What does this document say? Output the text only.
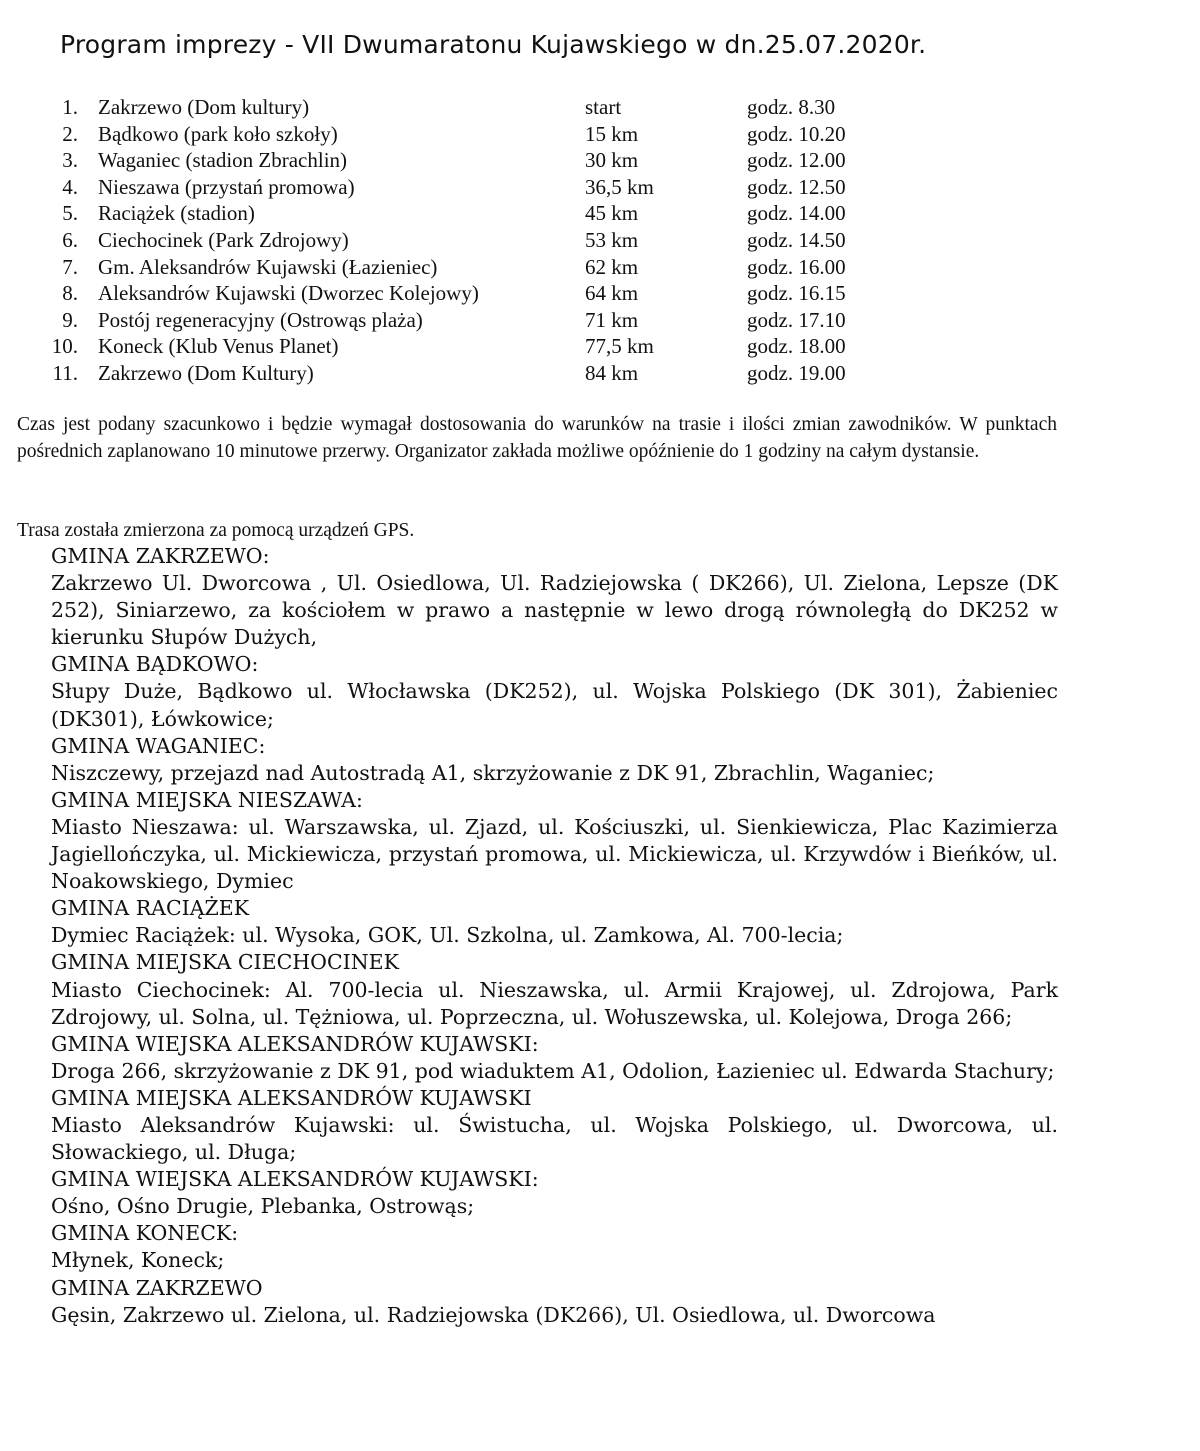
Program imprezy - VII Dwumaratonu Kujawskiego w dn.25.07.2020r.
1. Zakrzewo (Dom kultury)	start	godz. 8.30
2. Bądkowo (park koło szkoły)	15 km	godz. 10.20
3. Waganiec (stadion Zbrachlin)	30 km	godz. 12.00
4. Nieszawa (przystań promowa)	36,5 km	godz. 12.50
5. Raciążek (stadion)	45 km	godz. 14.00
6. Ciechocinek (Park Zdrojowy)	53 km	godz. 14.50
7. Gm. Aleksandrów Kujawski (Łazieniec)	62 km	godz. 16.00
8. Aleksandrów Kujawski (Dworzec Kolejowy)	64 km	godz. 16.15
9. Postój regeneracyjny (Ostrowąs plaża)	71 km	godz. 17.10
10. Koneck (Klub Venus Planet)	77,5 km	godz. 18.00
11. Zakrzewo (Dom Kultury)	84 km	godz. 19.00
Czas jest podany szacunkowo i będzie wymagał dostosowania do warunków na trasie i ilości zmian zawodników. W punktach pośrednich zaplanowano 10 minutowe przerwy. Organizator zakłada możliwe opóźnienie do 1 godziny na całym dystansie.
Trasa została zmierzona za pomocą urządzeń GPS.
GMINA ZAKRZEWO:
Zakrzewo Ul. Dworcowa , Ul. Osiedlowa, Ul. Radziejowska ( DK266), Ul. Zielona, Lepsze (DK 252), Siniarzewo, za kościołem w prawo a następnie w lewo drogą równoległą do DK252 w kierunku Słupów Dużych,
GMINA BĄDKOWO:
Słupy Duże, Bądkowo ul. Włocławska (DK252), ul. Wojska Polskiego (DK 301), Żabieniec (DK301), Łówkowice;
GMINA WAGANIEC:
Niszczewy, przejazd nad Autostradą A1, skrzyżowanie z DK 91, Zbrachlin, Waganiec;
GMINA MIEJSKA NIESZAWA:
Miasto Nieszawa: ul. Warszawska, ul. Zjazd, ul. Kościuszki, ul. Sienkiewicza, Plac Kazimierza Jagiellończyka, ul. Mickiewicza, przystań promowa, ul. Mickiewicza, ul. Krzywdów i Bieńków, ul. Noakowskiego, Dymiec
GMINA RACIĄŻEK
Dymiec Raciążek: ul. Wysoka, GOK, Ul. Szkolna, ul. Zamkowa, Al. 700-lecia;
GMINA MIEJSKA CIECHOCINEK
Miasto Ciechocinek: Al. 700-lecia ul. Nieszawska, ul. Armii Krajowej, ul. Zdrojowa, Park Zdrojowy, ul. Solna, ul. Tężniowa, ul. Poprzeczna, ul. Wołuszewska, ul. Kolejowa, Droga 266;
GMINA WIEJSKA ALEKSANDRÓW KUJAWSKI:
Droga 266, skrzyżowanie z DK 91, pod wiaduktem A1, Odolion, Łazieniec ul. Edwarda Stachury;
GMINA MIEJSKA ALEKSANDRÓW KUJAWSKI
Miasto Aleksandrów Kujawski: ul. Świstucha, ul. Wojska Polskiego, ul. Dworcowa, ul. Słowackiego, ul. Długa;
GMINA WIEJSKA ALEKSANDRÓW KUJAWSKI:
Ośno, Ośno Drugie, Plebanka, Ostrowąs;
GMINA KONECK:
Młynek, Koneck;
GMINA ZAKRZEWO
Gęsin, Zakrzewo ul. Zielona, ul. Radziejowska (DK266), Ul. Osiedlowa, ul. Dworcowa
